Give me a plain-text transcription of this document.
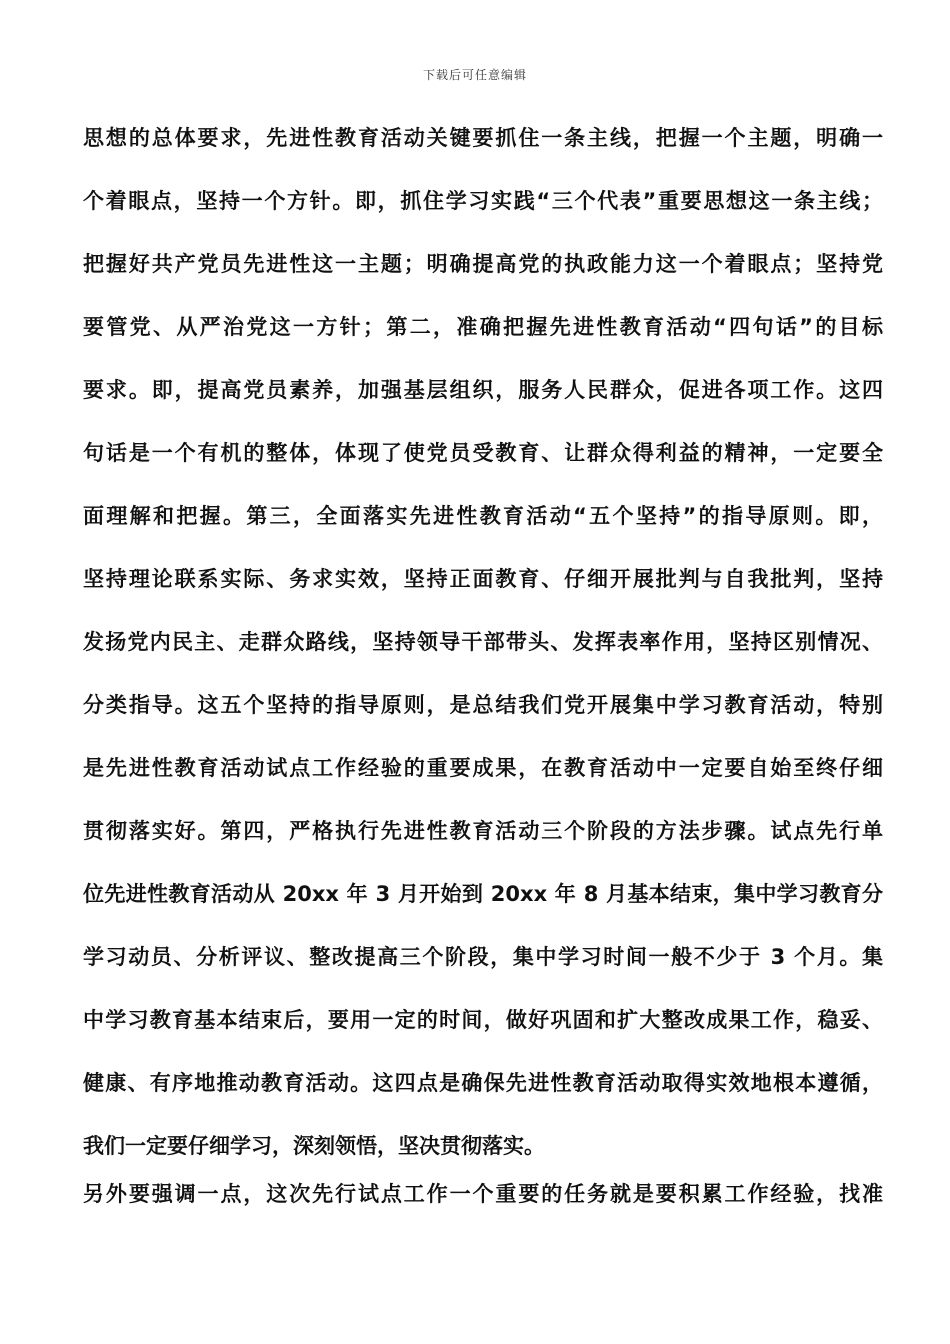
下载后可任意编辑
思想的总体要求，先进性教育活动关键要抓住一条主线，把握一个主题，明确一
个着眼点，坚持一个方针。即，抓住学习实践“三个代表”重要思想这一条主线；
把握好共产党员先进性这一主题；明确提高党的执政能力这一个着眼点；坚持党
要管党、从严治党这一方针；第二，准确把握先进性教育活动“四句话”的目标
要求。即，提高党员素养，加强基层组织，服务人民群众，促进各项工作。这四
句话是一个有机的整体，体现了使党员受教育、让群众得利益的精神，一定要全
面理解和把握。第三，全面落实先进性教育活动“五个坚持”的指导原则。即，
坚持理论联系实际、务求实效，坚持正面教育、仔细开展批判与自我批判，坚持
发扬党内民主、走群众路线，坚持领导干部带头、发挥表率作用，坚持区别情况、
分类指导。这五个坚持的指导原则，是总结我们党开展集中学习教育活动，特别
是先进性教育活动试点工作经验的重要成果，在教育活动中一定要自始至终仔细
贯彻落实好。第四，严格执行先进性教育活动三个阶段的方法步骤。试点先行单
位先进性教育活动从 20xx 年 3 月开始到 20xx 年 8 月基本结束，集中学习教育分
学习动员、分析评议、整改提高三个阶段，集中学习时间一般不少于 3 个月。集
中学习教育基本结束后，要用一定的时间，做好巩固和扩大整改成果工作，稳妥、
健康、有序地推动教育活动。这四点是确保先进性教育活动取得实效地根本遵循，
我们一定要仔细学习，深刻领悟，坚决贯彻落实。
另外要强调一点，这次先行试点工作一个重要的任务就是要积累工作经验，找准
